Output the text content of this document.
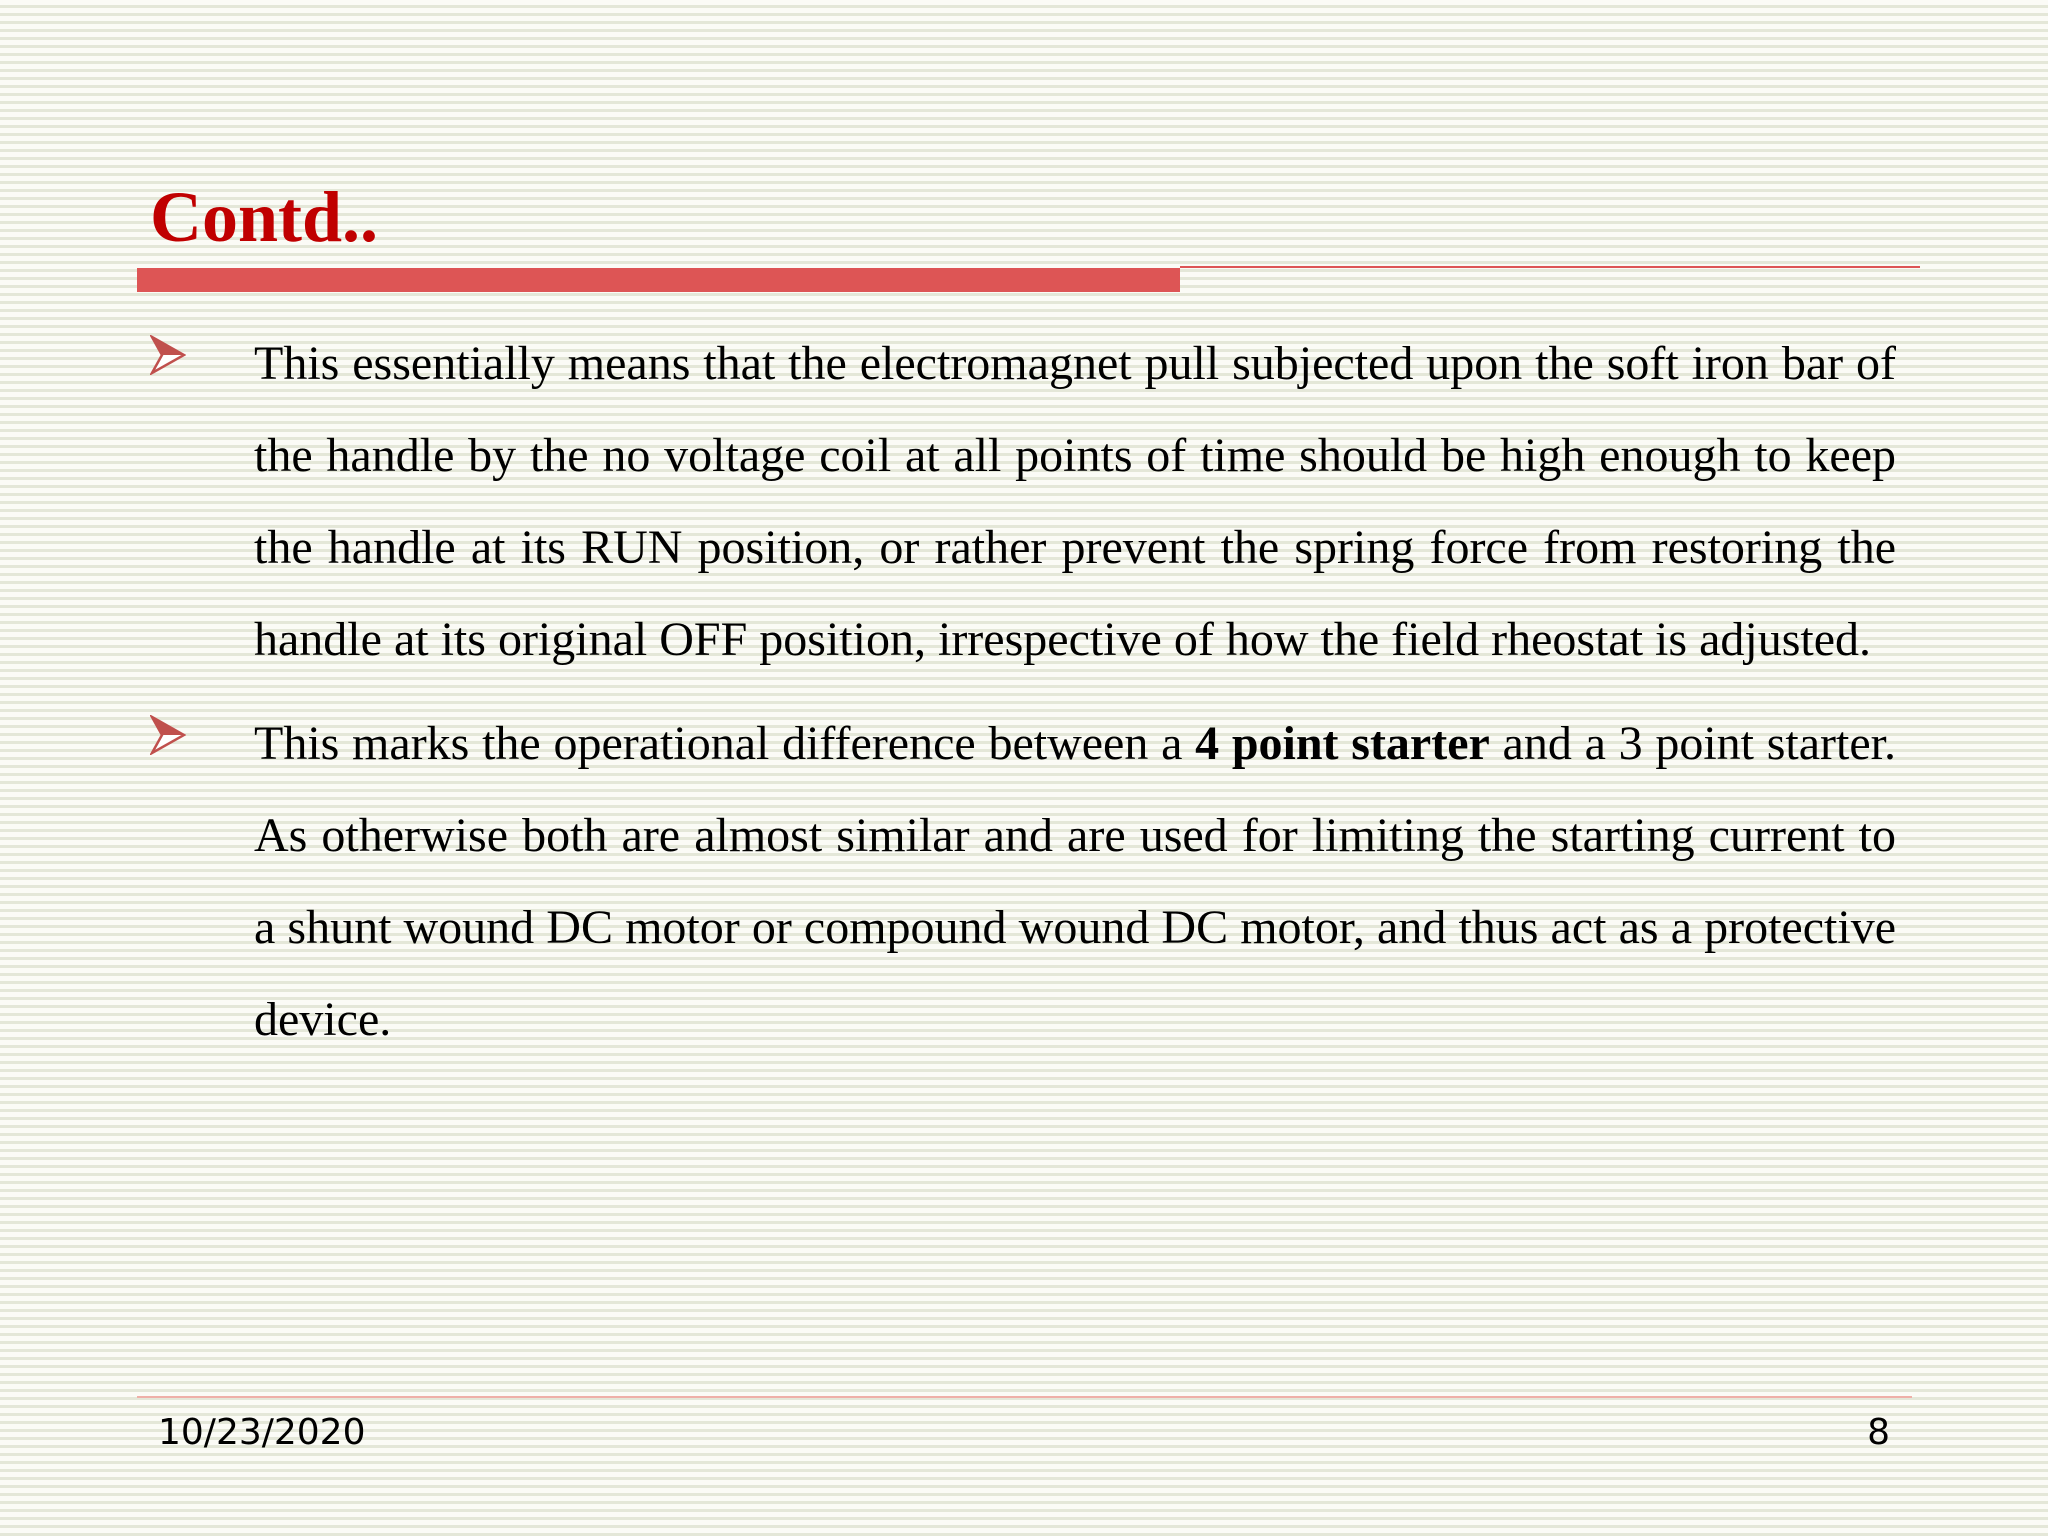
Contd..
This essentially means that the electromagnet pull subjected upon the soft iron bar of the handle by the no voltage coil at all points of time should be high enough to keep the handle at its RUN position, or rather prevent the spring force from restoring the handle at its original OFF position, irrespective of how the field rheostat is adjusted.
This marks the operational difference between a 4 point starter and a 3 point starter. As otherwise both are almost similar and are used for limiting the starting current to a shunt wound DC motor or compound wound DC motor, and thus act as a protective device.
10/23/2020	8
